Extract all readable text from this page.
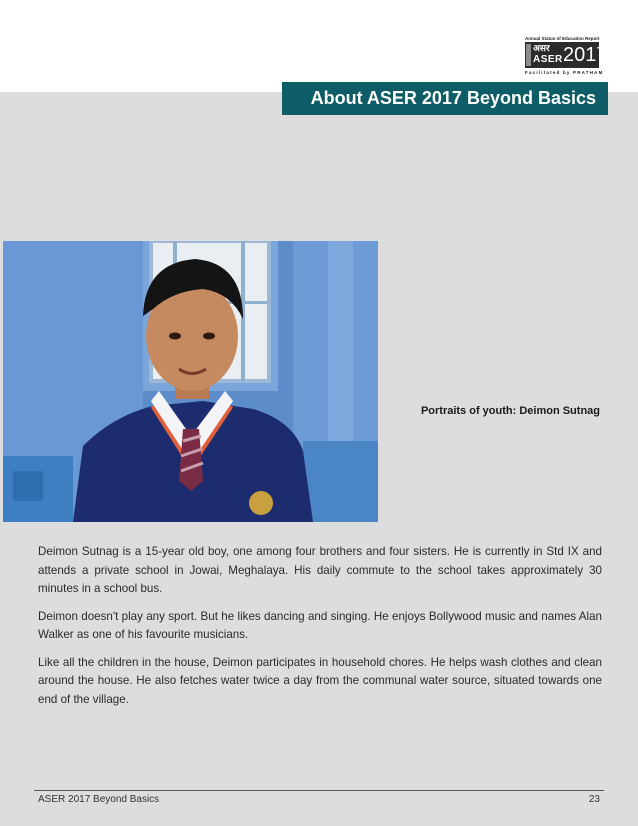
Annual Status of Education Report
असर
ASER 2017
Facilitated by PRATHAM
About ASER 2017 Beyond Basics
Portraits of youth: Deimon Sutnag

Deimon Sutnag is a 15-year old boy, one among four brothers and four sisters. He is currently in Std IX and attends a private school in Jowai, Meghalaya. His daily commute to the school takes approximately 30 minutes in a school bus.

Deimon doesn't play any sport. But he likes dancing and singing. He enjoys Bollywood music and names Alan Walker as one of his favourite musicians.

Like all the children in the house, Deimon participates in household chores. He helps wash clothes and clean around the house. He also fetches water twice a day from the communal water source, situated towards one end of the village.

ASER 2017 Beyond Basics	23
